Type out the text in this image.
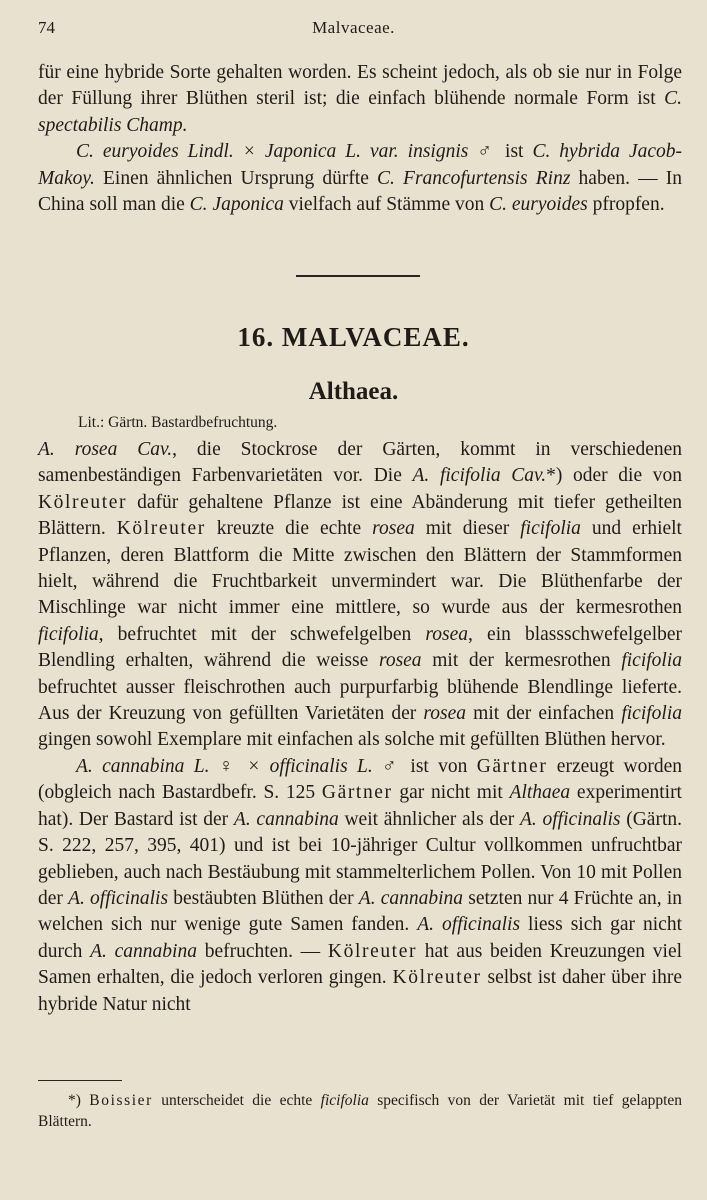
74	Malvaceae.

für eine hybride Sorte gehalten worden. Es scheint jedoch, als ob sie nur in Folge der Füllung ihrer Blüthen steril ist; die einfach blühende normale Form ist C. spectabilis Champ.

C. euryoides Lindl. × Japonica L. var. insignis ♂ ist C. hybrida Jacob-Makoy. Einen ähnlichen Ursprung dürfte C. Francofurtensis Rinz haben. — In China soll man die C. Japonica vielfach auf Stämme von C. euryoides pfropfen.

16. MALVACEAE.
Althaea.
Lit.: Gärtn. Bastardbefruchtung.

A. rosea Cav., die Stockrose der Gärten, kommt in verschiedenen samenbeständigen Farbenvarietäten vor. Die A. ficifolia Cav.*) oder die von Kölreuter dafür gehaltene Pflanze ist eine Abänderung mit tiefer getheilten Blättern. Kölreuter kreuzte die echte rosea mit dieser ficifolia und erhielt Pflanzen, deren Blattform die Mitte zwischen den Blättern der Stammformen hielt, während die Fruchtbarkeit unvermindert war. Die Blüthenfarbe der Mischlinge war nicht immer eine mittlere, so wurde aus der kermesrothen ficifolia, befruchtet mit der schwefelgelben rosea, ein blassschwefelgelber Blendling erhalten, während die weisse rosea mit der kermesrothen ficifolia befruchtet ausser fleischrothen auch purpurfarbig blühende Blendlinge lieferte. Aus der Kreuzung von gefüllten Varietäten der rosea mit der einfachen ficifolia gingen sowohl Exemplare mit einfachen als solche mit gefüllten Blüthen hervor.

A. cannabina L. ♀ × officinalis L. ♂ ist von Gärtner erzeugt worden (obgleich nach Bastardbefr. S. 125 Gärtner gar nicht mit Althaea experimentirt hat). Der Bastard ist der A. cannabina weit ähnlicher als der A. officinalis (Gärtn. S. 222, 257, 395, 401) und ist bei 10-jähriger Cultur vollkommen unfruchtbar geblieben, auch nach Bestäubung mit stammelterlichem Pollen. Von 10 mit Pollen der A. officinalis bestäubten Blüthen der A. cannabina setzten nur 4 Früchte an, in welchen sich nur wenige gute Samen fanden. A. officinalis liess sich gar nicht durch A. cannabina befruchten. — Kölreuter hat aus beiden Kreuzungen viel Samen erhalten, die jedoch verloren gingen. Kölreuter selbst ist daher über ihre hybride Natur nicht

*) Boissier unterscheidet die echte ficifolia specifisch von der Varietät mit tief gelappten Blättern.
